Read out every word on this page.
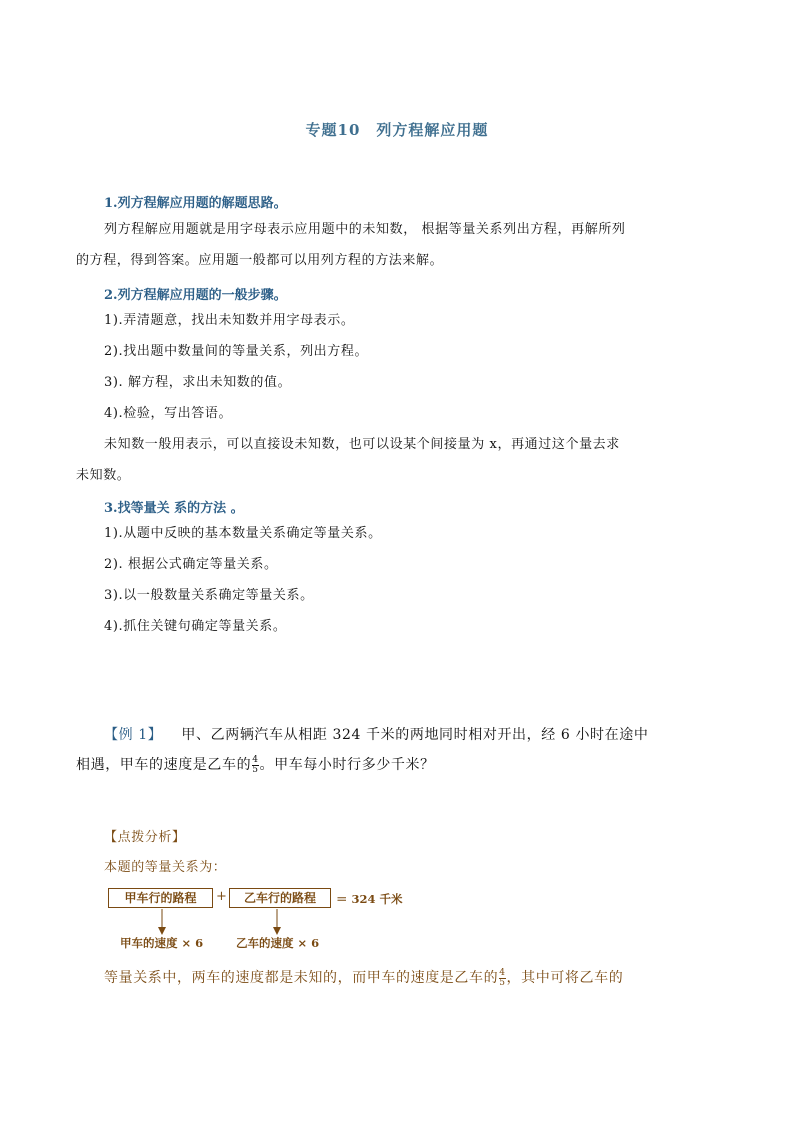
专题10　列方程解应用题
1.列方程解应用题的解题思路。
列方程解应用题就是用字母表示应用题中的未知数， 根据等量关系列出方程，再解所列
的方程，得到答案。应用题一般都可以用列方程的方法来解。
2.列方程解应用题的一般步骤。
1).弄清题意，找出未知数并用字母表示。
2).找出题中数量间的等量关系，列出方程。
3). 解方程，求出未知数的值。
4).检验，写出答语。
未知数一般用表示，可以直接设未知数，也可以设某个间接量为 x，再通过这个量去求
未知数。
3.找等量关 系的方法 。
1).从题中反映的基本数量关系确定等量关系。
2). 根据公式确定等量关系。
3).以一般数量关系确定等量关系。
4).抓住关键句确定等量关系。
【例 1】 甲、乙两辆汽车从相距 324 千米的两地同时相对开出，经 6 小时在途中
相遇，甲车的速度是乙车的 $\frac{4}{5}$ 。甲车每小时行多少千米？
【点拨分析】
本题的等量关系为：
甲车行的路程	+	乙车行的路程	＝ 324 千米
甲车的速度 × 6	乙车的速度 × 6
等量关系中，两车的速度都是未知的，而甲车的速度是乙车的 $\frac{4}{5}$ ，其中可将乙车的
